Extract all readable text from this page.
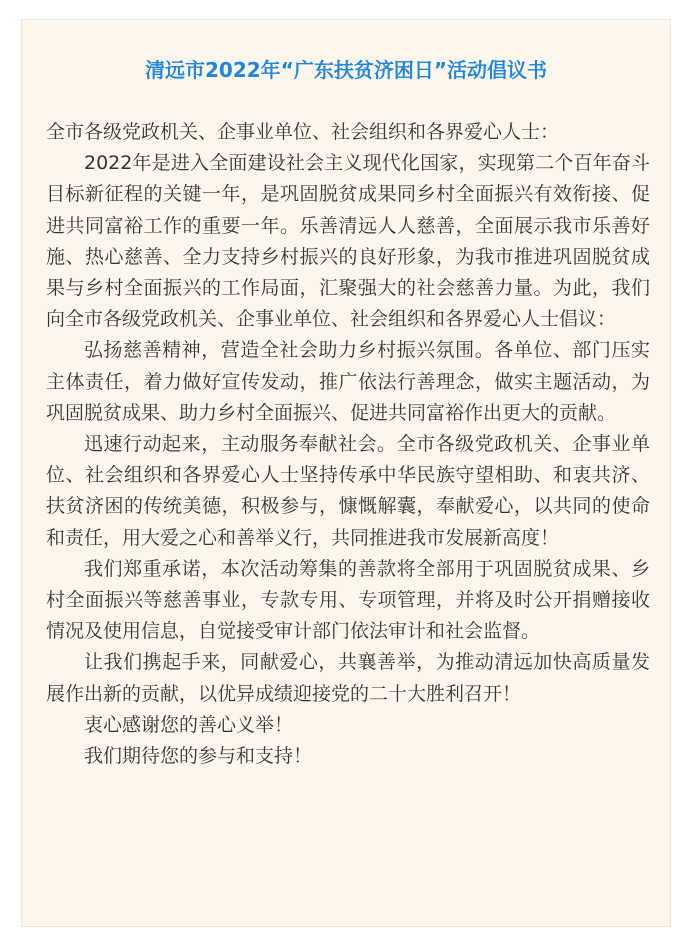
清远市2022年“广东扶贫济困日”活动倡议书

全市各级党政机关、企事业单位、社会组织和各界爱心人士：

2022年是进入全面建设社会主义现代化国家，实现第二个百年奋斗目标新征程的关键一年，是巩固脱贫成果同乡村全面振兴有效衔接、促进共同富裕工作的重要一年。乐善清远人人慈善，全面展示我市乐善好施、热心慈善、全力支持乡村振兴的良好形象，为我市推进巩固脱贫成果与乡村全面振兴的工作局面，汇聚强大的社会慈善力量。为此，我们向全市各级党政机关、企事业单位、社会组织和各界爱心人士倡议：

弘扬慈善精神，营造全社会助力乡村振兴氛围。各单位、部门压实主体责任，着力做好宣传发动，推广依法行善理念，做实主题活动，为巩固脱贫成果、助力乡村全面振兴、促进共同富裕作出更大的贡献。

迅速行动起来，主动服务奉献社会。全市各级党政机关、企事业单位、社会组织和各界爱心人士坚持传承中华民族守望相助、和衷共济、扶贫济困的传统美德，积极参与，慷慨解囊，奉献爱心，以共同的使命和责任，用大爱之心和善举义行，共同推进我市发展新高度！

我们郑重承诺，本次活动筹集的善款将全部用于巩固脱贫成果、乡村全面振兴等慈善事业，专款专用、专项管理，并将及时公开捐赠接收情况及使用信息，自觉接受审计部门依法审计和社会监督。

让我们携起手来，同献爱心，共襄善举，为推动清远加快高质量发展作出新的贡献，以优异成绩迎接党的二十大胜利召开！

衷心感谢您的善心义举！

我们期待您的参与和支持！
